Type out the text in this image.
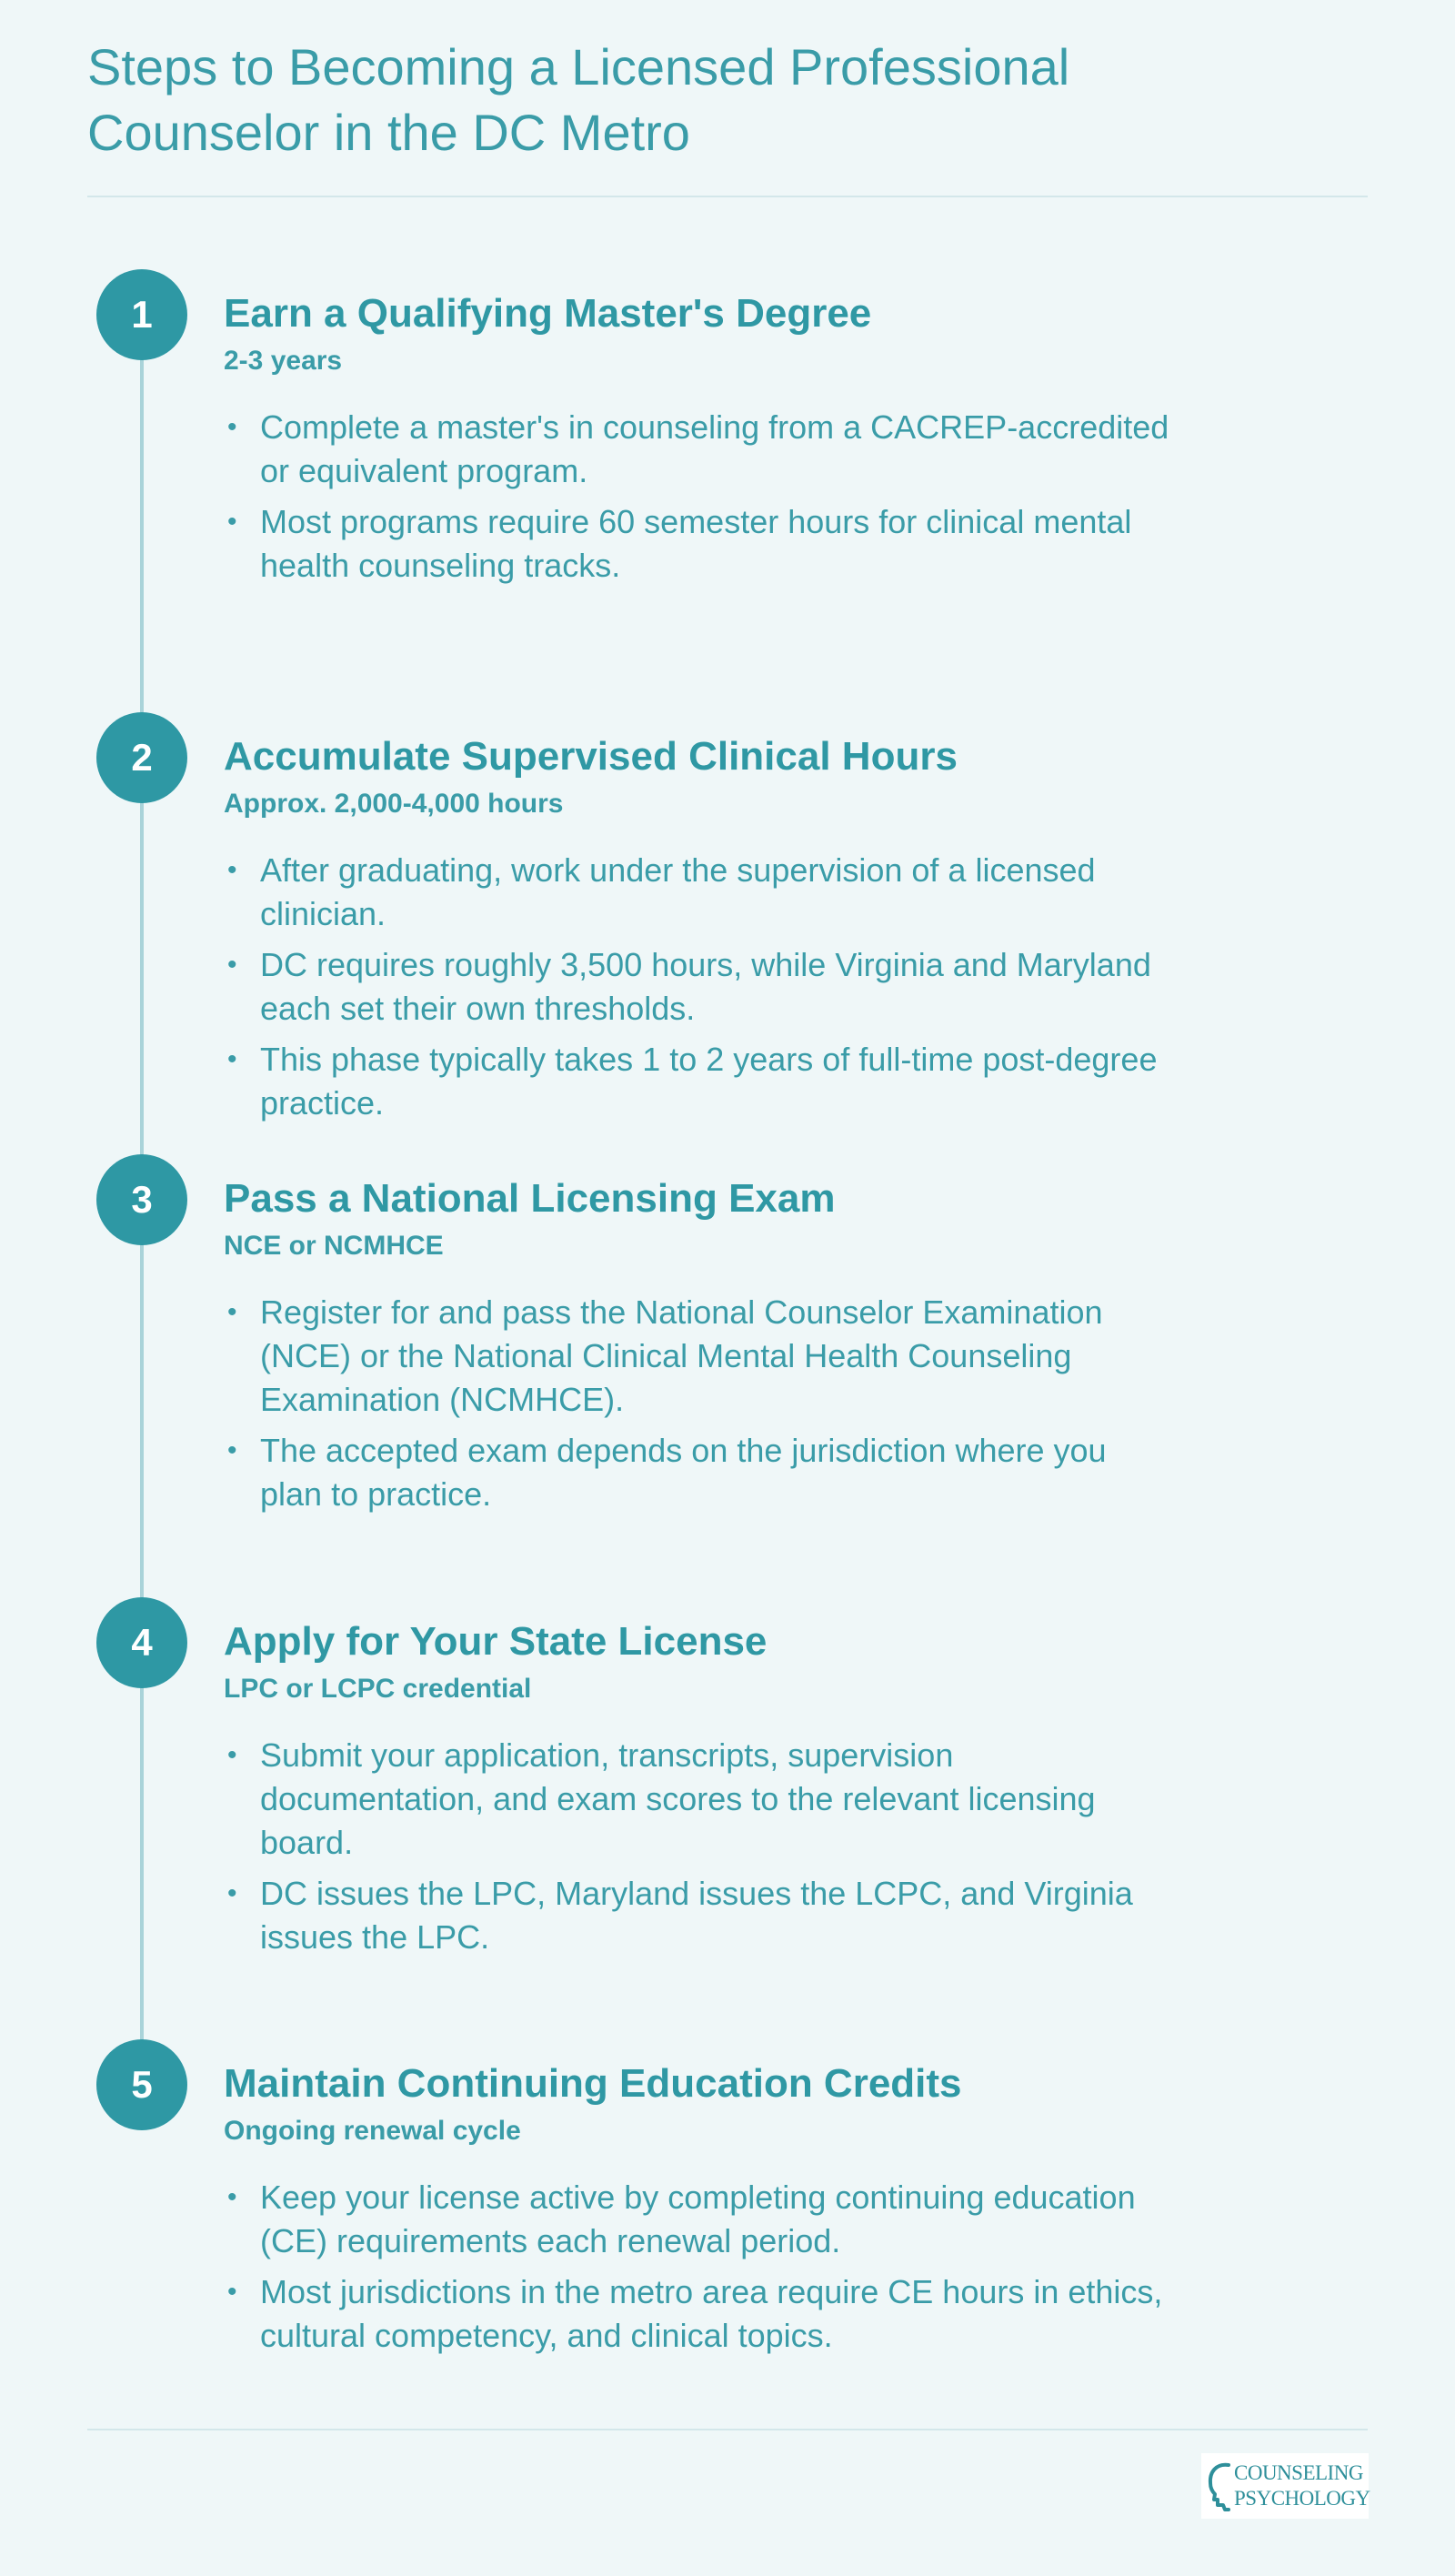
Steps to Becoming a Licensed Professional Counselor in the DC Metro
1	Earn a Qualifying Master's Degree

2-3 years

• Complete a master's in counseling from a CACREP-accredited or equivalent program.
• Most programs require 60 semester hours for clinical mental health counseling tracks.
2	Accumulate Supervised Clinical Hours

Approx. 2,000-4,000 hours

• After graduating, work under the supervision of a licensed clinician.
• DC requires roughly 3,500 hours, while Virginia and Maryland each set their own thresholds.
• This phase typically takes 1 to 2 years of full-time post-degree practice.
3	Pass a National Licensing Exam

NCE or NCMHCE

• Register for and pass the National Counselor Examination (NCE) or the National Clinical Mental Health Counseling Examination (NCMHCE).
• The accepted exam depends on the jurisdiction where you plan to practice.
4	Apply for Your State License

LPC or LCPC credential

• Submit your application, transcripts, supervision documentation, and exam scores to the relevant licensing board.
• DC issues the LPC, Maryland issues the LCPC, and Virginia issues the LPC.
5	Maintain Continuing Education Credits

Ongoing renewal cycle

• Keep your license active by completing continuing education (CE) requirements each renewal period.
• Most jurisdictions in the metro area require CE hours in ethics, cultural competency, and clinical topics.
COUNSELING
PSYCHOLOGY
